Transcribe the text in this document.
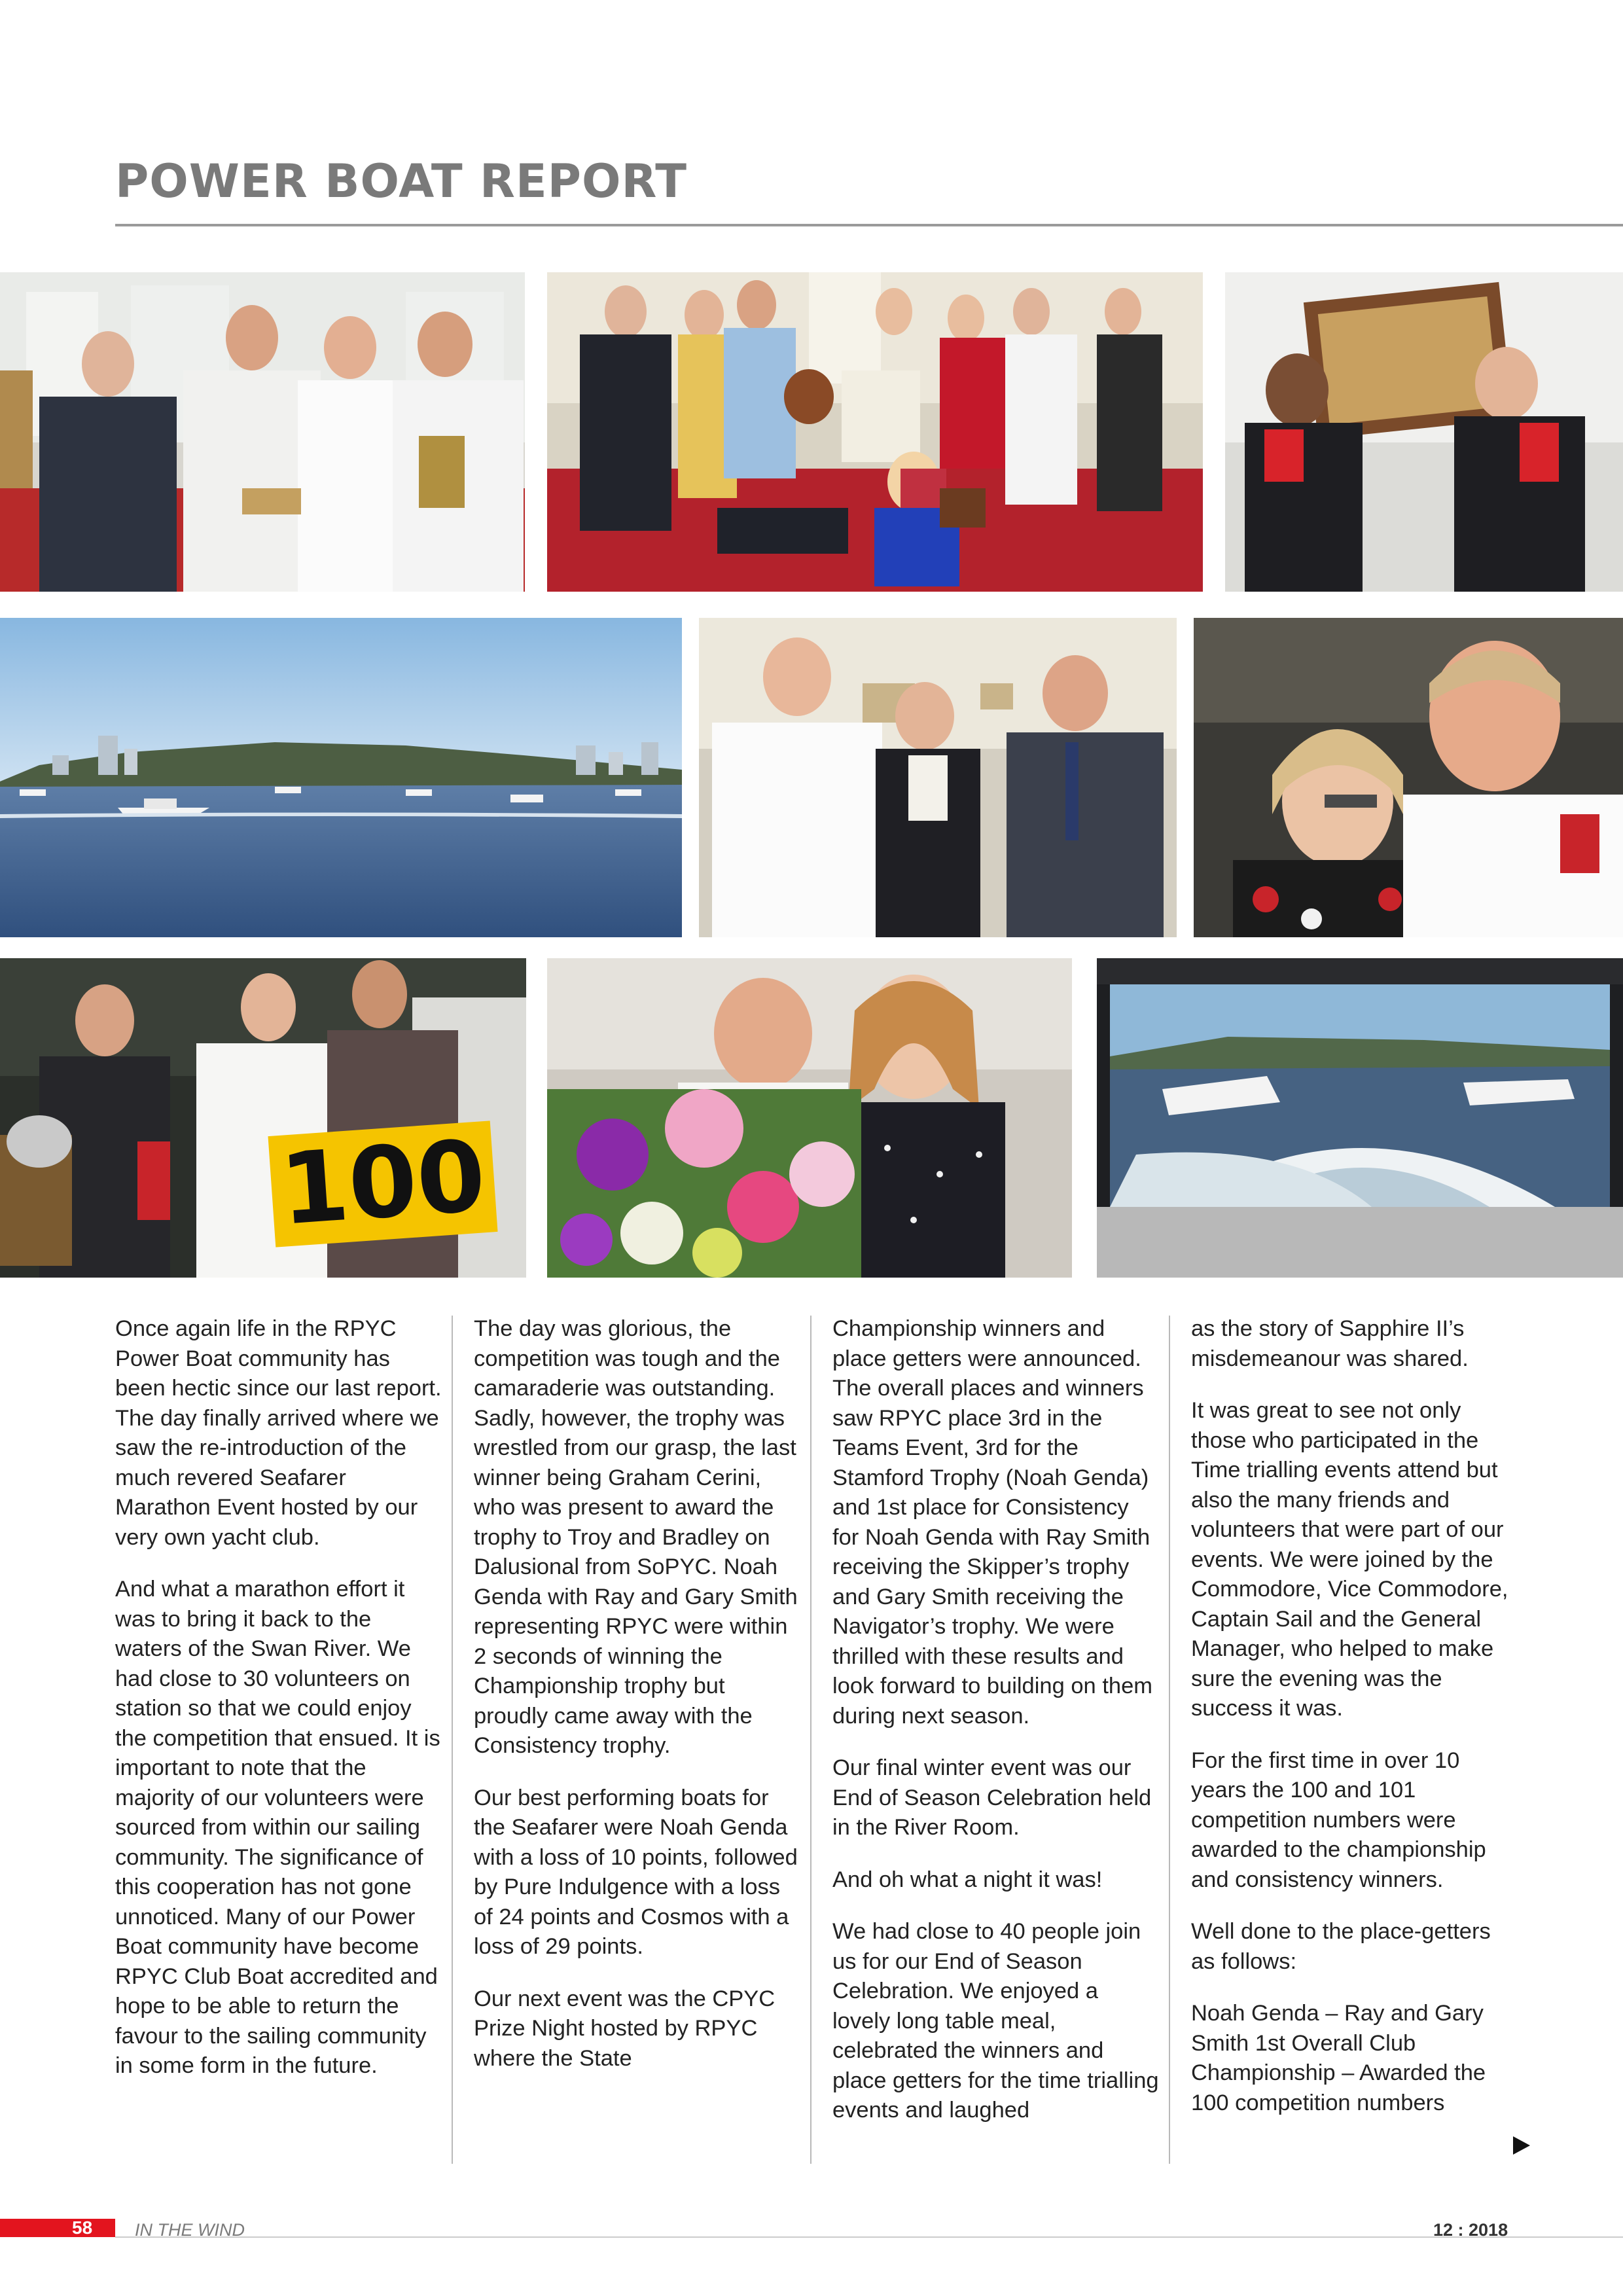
POWER BOAT REPORT
100

Once again life in the RPYC Power Boat community has been hectic since our last report. The day finally arrived where we saw the re-introduction of the much revered Seafarer Marathon Event hosted by our very own yacht club.

And what a marathon effort it was to bring it back to the waters of the Swan River. We had close to 30 volunteers on station so that we could enjoy the competition that ensued. It is important to note that the majority of our volunteers were sourced from within our sailing community. The significance of this cooperation has not gone unnoticed. Many of our Power Boat community have become RPYC Club Boat accredited and hope to be able to return the favour to the sailing community in some form in the future.

The day was glorious, the competition was tough and the camaraderie was outstanding. Sadly, however, the trophy was wrestled from our grasp, the last winner being Graham Cerini, who was present to award the trophy to Troy and Bradley on Dalusional from SoPYC. Noah Genda with Ray and Gary Smith representing RPYC were within 2 seconds of winning the Championship trophy but proudly came away with the Consistency trophy.

Our best performing boats for the Seafarer were Noah Genda with a loss of 10 points, followed by Pure Indulgence with a loss of 24 points and Cosmos with a loss of 29 points.

Our next event was the CPYC Prize Night hosted by RPYC where the State

Championship winners and place getters were announced. The overall places and winners saw RPYC place 3rd in the Teams Event, 3rd for the Stamford Trophy (Noah Genda) and 1st place for Consistency for Noah Genda with Ray Smith receiving the Skipper’s trophy and Gary Smith receiving the Navigator’s trophy. We were thrilled with these results and look forward to building on them during next season.

Our final winter event was our End of Season Celebration held in the River Room.

And oh what a night it was!

We had close to 40 people join us for our End of Season Celebration. We enjoyed a lovely long table meal, celebrated the winners and place getters for the time trialling events and laughed

as the story of Sapphire II’s misdemeanour was shared.

It was great to see not only those who participated in the Time trialling events attend but also the many friends and volunteers that were part of our events. We were joined by the Commodore, Vice Commodore, Captain Sail and the General Manager, who helped to make sure the evening was the success it was.

For the first time in over 10 years the 100 and 101 competition numbers were awarded to the championship and consistency winners.

Well done to the place-getters as follows:

Noah Genda – Ray and Gary Smith 1st Overall Club Championship – Awarded the 100 competition numbers

58 IN THE WIND	12 : 2018
